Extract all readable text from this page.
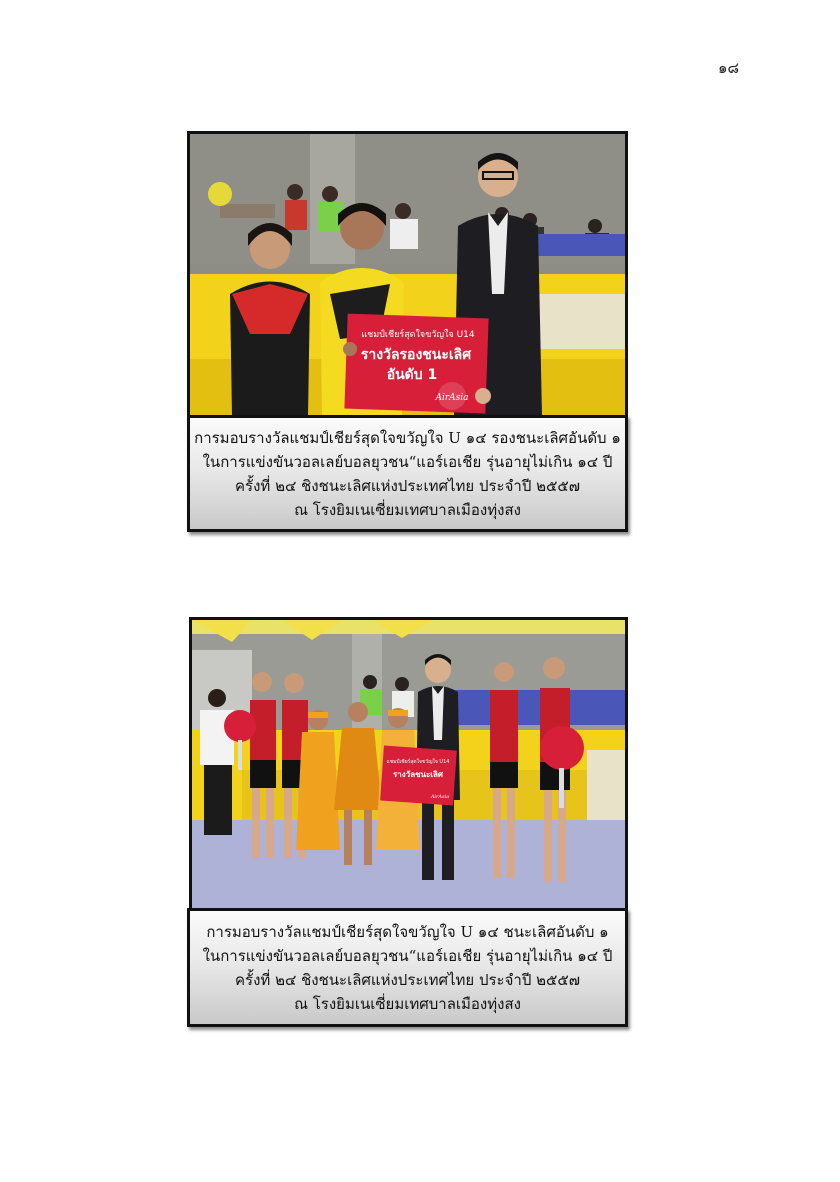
๑๘
แชมป์เชียร์สุดใจขวัญใจ U14
รางวัลรองชนะเลิศ
อันดับ 1
AirAsia
การมอบรางวัลแชมป์เชียร์สุดใจขวัญใจ U ๑๔ รองชนะเลิศอันดับ ๑
ในการแข่งขันวอลเลย์บอลยุวชน“แอร์เอเชีย รุ่นอายุไม่เกิน ๑๔ ปี
ครั้งที่ ๒๔ ชิงชนะเลิศแห่งประเทศไทย ประจำปี ๒๕๕๗
ณ โรงยิมเนเซี่ยมเทศบาลเมืองทุ่งสง
แชมป์เชียร์สุดใจขวัญใจ U14
รางวัลชนะเลิศ
AirAsia
การมอบรางวัลแชมป์เชียร์สุดใจขวัญใจ U ๑๔ ชนะเลิศอันดับ ๑
ในการแข่งขันวอลเลย์บอลยุวชน“แอร์เอเชีย รุ่นอายุไม่เกิน ๑๔ ปี
ครั้งที่ ๒๔ ชิงชนะเลิศแห่งประเทศไทย ประจำปี ๒๕๕๗
ณ โรงยิมเนเซี่ยมเทศบาลเมืองทุ่งสง
